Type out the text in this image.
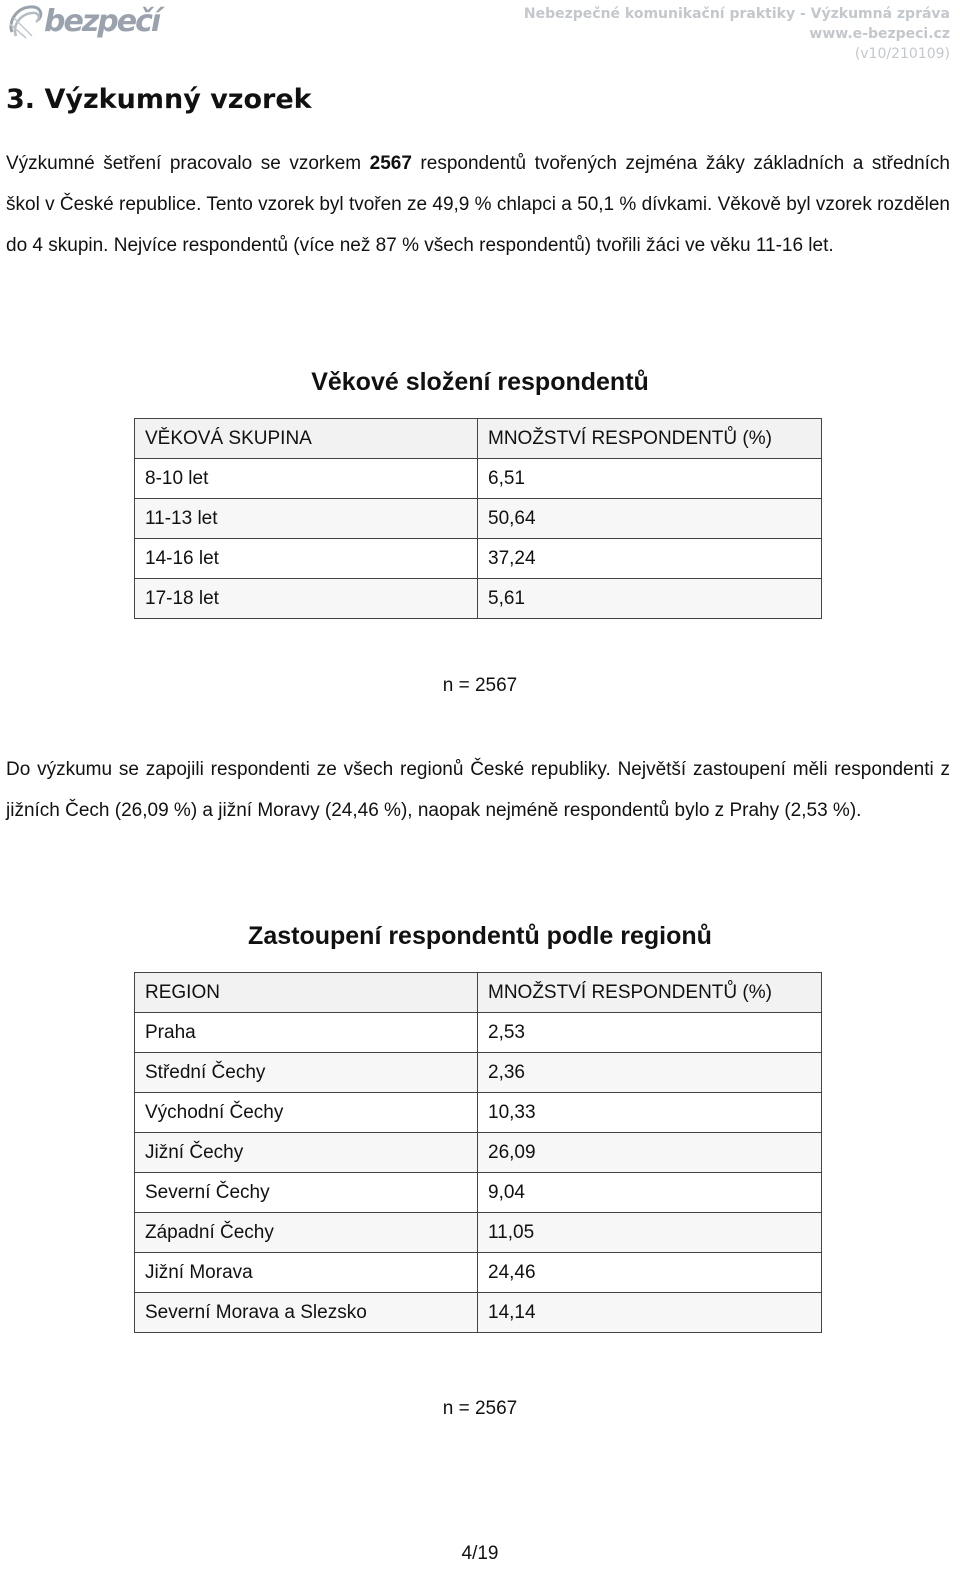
bezpečí	Nebezpečné komunikační praktiky - Výzkumná zpráva
www.e-bezpeci.cz
(v10/210109)
3. Výzkumný vzorek

Výzkumné šetření pracovalo se vzorkem 2567 respondentů tvořených zejména žáky základních a středních škol v České republice. Tento vzorek byl tvořen ze 49,9 % chlapci a 50,1 % dívkami. Věkově byl vzorek rozdělen do 4 skupin. Nejvíce respondentů (více než 87 % všech respondentů) tvořili žáci ve věku 11-16 let.

Věkové složení respondentů
VĚKOVÁ SKUPINA	MNOŽSTVÍ RESPONDENTŮ (%)
8-10 let	6,51
11-13 let	50,64
14-16 let	37,24
17-18 let	5,61
n = 2567

Do výzkumu se zapojili respondenti ze všech regionů České republiky. Největší zastoupení měli respondenti z jižních Čech (26,09 %) a jižní Moravy (24,46 %), naopak nejméně respondentů bylo z Prahy (2,53 %).

Zastoupení respondentů podle regionů
REGION	MNOŽSTVÍ RESPONDENTŮ (%)
Praha	2,53
Střední Čechy	2,36
Východní Čechy	10,33
Jižní Čechy	26,09
Severní Čechy	9,04
Západní Čechy	11,05
Jižní Morava	24,46
Severní Morava a Slezsko	14,14
n = 2567
4/19
